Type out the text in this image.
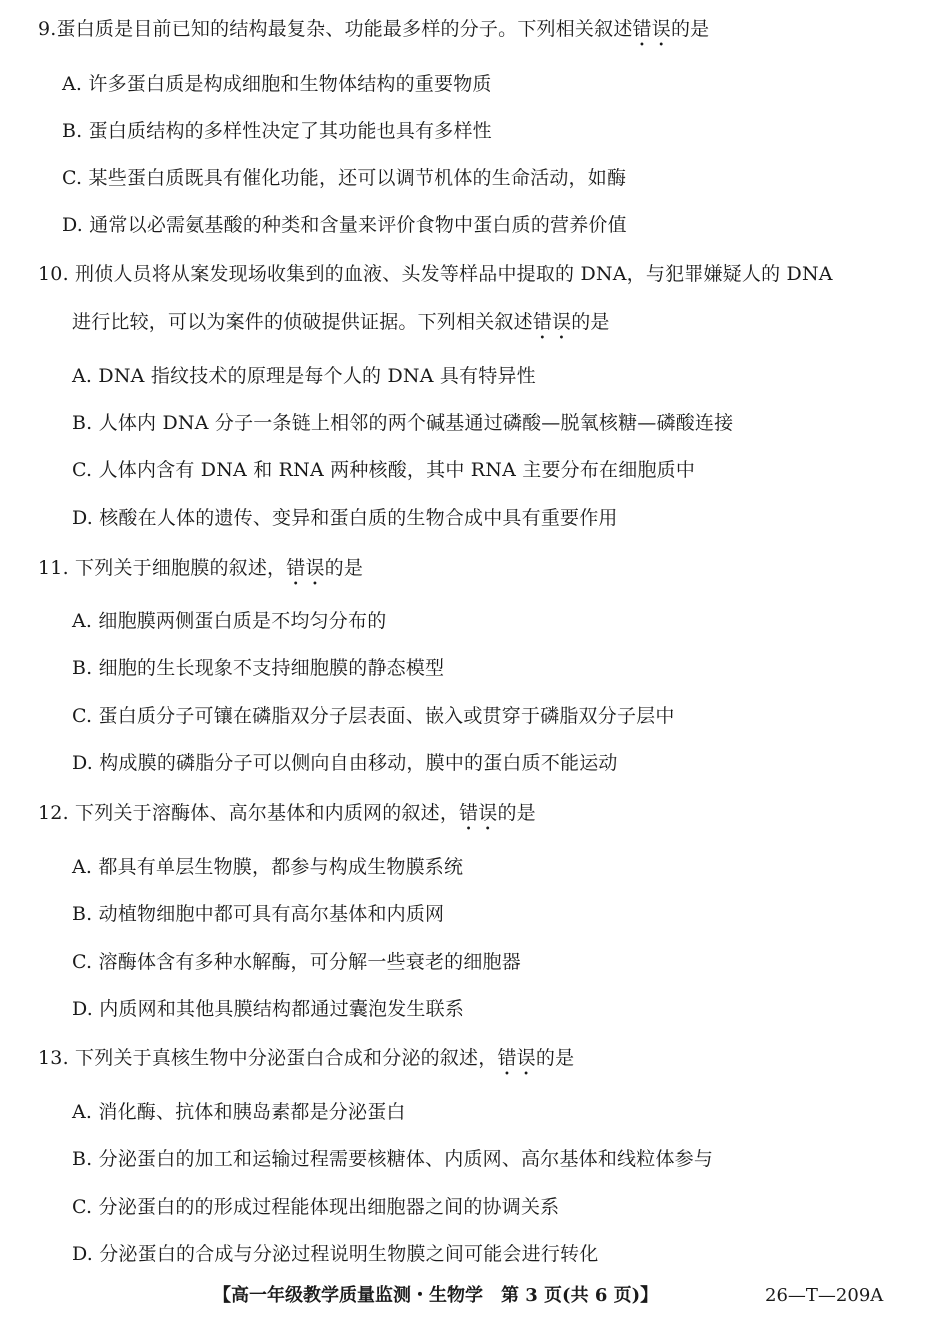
9.蛋白质是目前已知的结构最复杂、功能最多样的分子。下列相关叙述错误的是
A. 许多蛋白质是构成细胞和生物体结构的重要物质
B. 蛋白质结构的多样性决定了其功能也具有多样性
C. 某些蛋白质既具有催化功能，还可以调节机体的生命活动，如酶
D. 通常以必需氨基酸的种类和含量来评价食物中蛋白质的营养价值
10. 刑侦人员将从案发现场收集到的血液、头发等样品中提取的 DNA，与犯罪嫌疑人的 DNA
进行比较，可以为案件的侦破提供证据。下列相关叙述错误的是
A. DNA 指纹技术的原理是每个人的 DNA 具有特异性
B. 人体内 DNA 分子一条链上相邻的两个碱基通过磷酸—脱氧核糖—磷酸连接
C. 人体内含有 DNA 和 RNA 两种核酸，其中 RNA 主要分布在细胞质中
D. 核酸在人体的遗传、变异和蛋白质的生物合成中具有重要作用
11. 下列关于细胞膜的叙述，错误的是
A. 细胞膜两侧蛋白质是不均匀分布的
B. 细胞的生长现象不支持细胞膜的静态模型
C. 蛋白质分子可镶在磷脂双分子层表面、嵌入或贯穿于磷脂双分子层中
D. 构成膜的磷脂分子可以侧向自由移动，膜中的蛋白质不能运动
12. 下列关于溶酶体、高尔基体和内质网的叙述，错误的是
A. 都具有单层生物膜，都参与构成生物膜系统
B. 动植物细胞中都可具有高尔基体和内质网
C. 溶酶体含有多种水解酶，可分解一些衰老的细胞器
D. 内质网和其他具膜结构都通过囊泡发生联系
13. 下列关于真核生物中分泌蛋白合成和分泌的叙述，错误的是
A. 消化酶、抗体和胰岛素都是分泌蛋白
B. 分泌蛋白的加工和运输过程需要核糖体、内质网、高尔基体和线粒体参与
C. 分泌蛋白的的形成过程能体现出细胞器之间的协调关系
D. 分泌蛋白的合成与分泌过程说明生物膜之间可能会进行转化
【高一年级教学质量监测・生物学　第 3 页(共 6 页)】	26—T—209A
